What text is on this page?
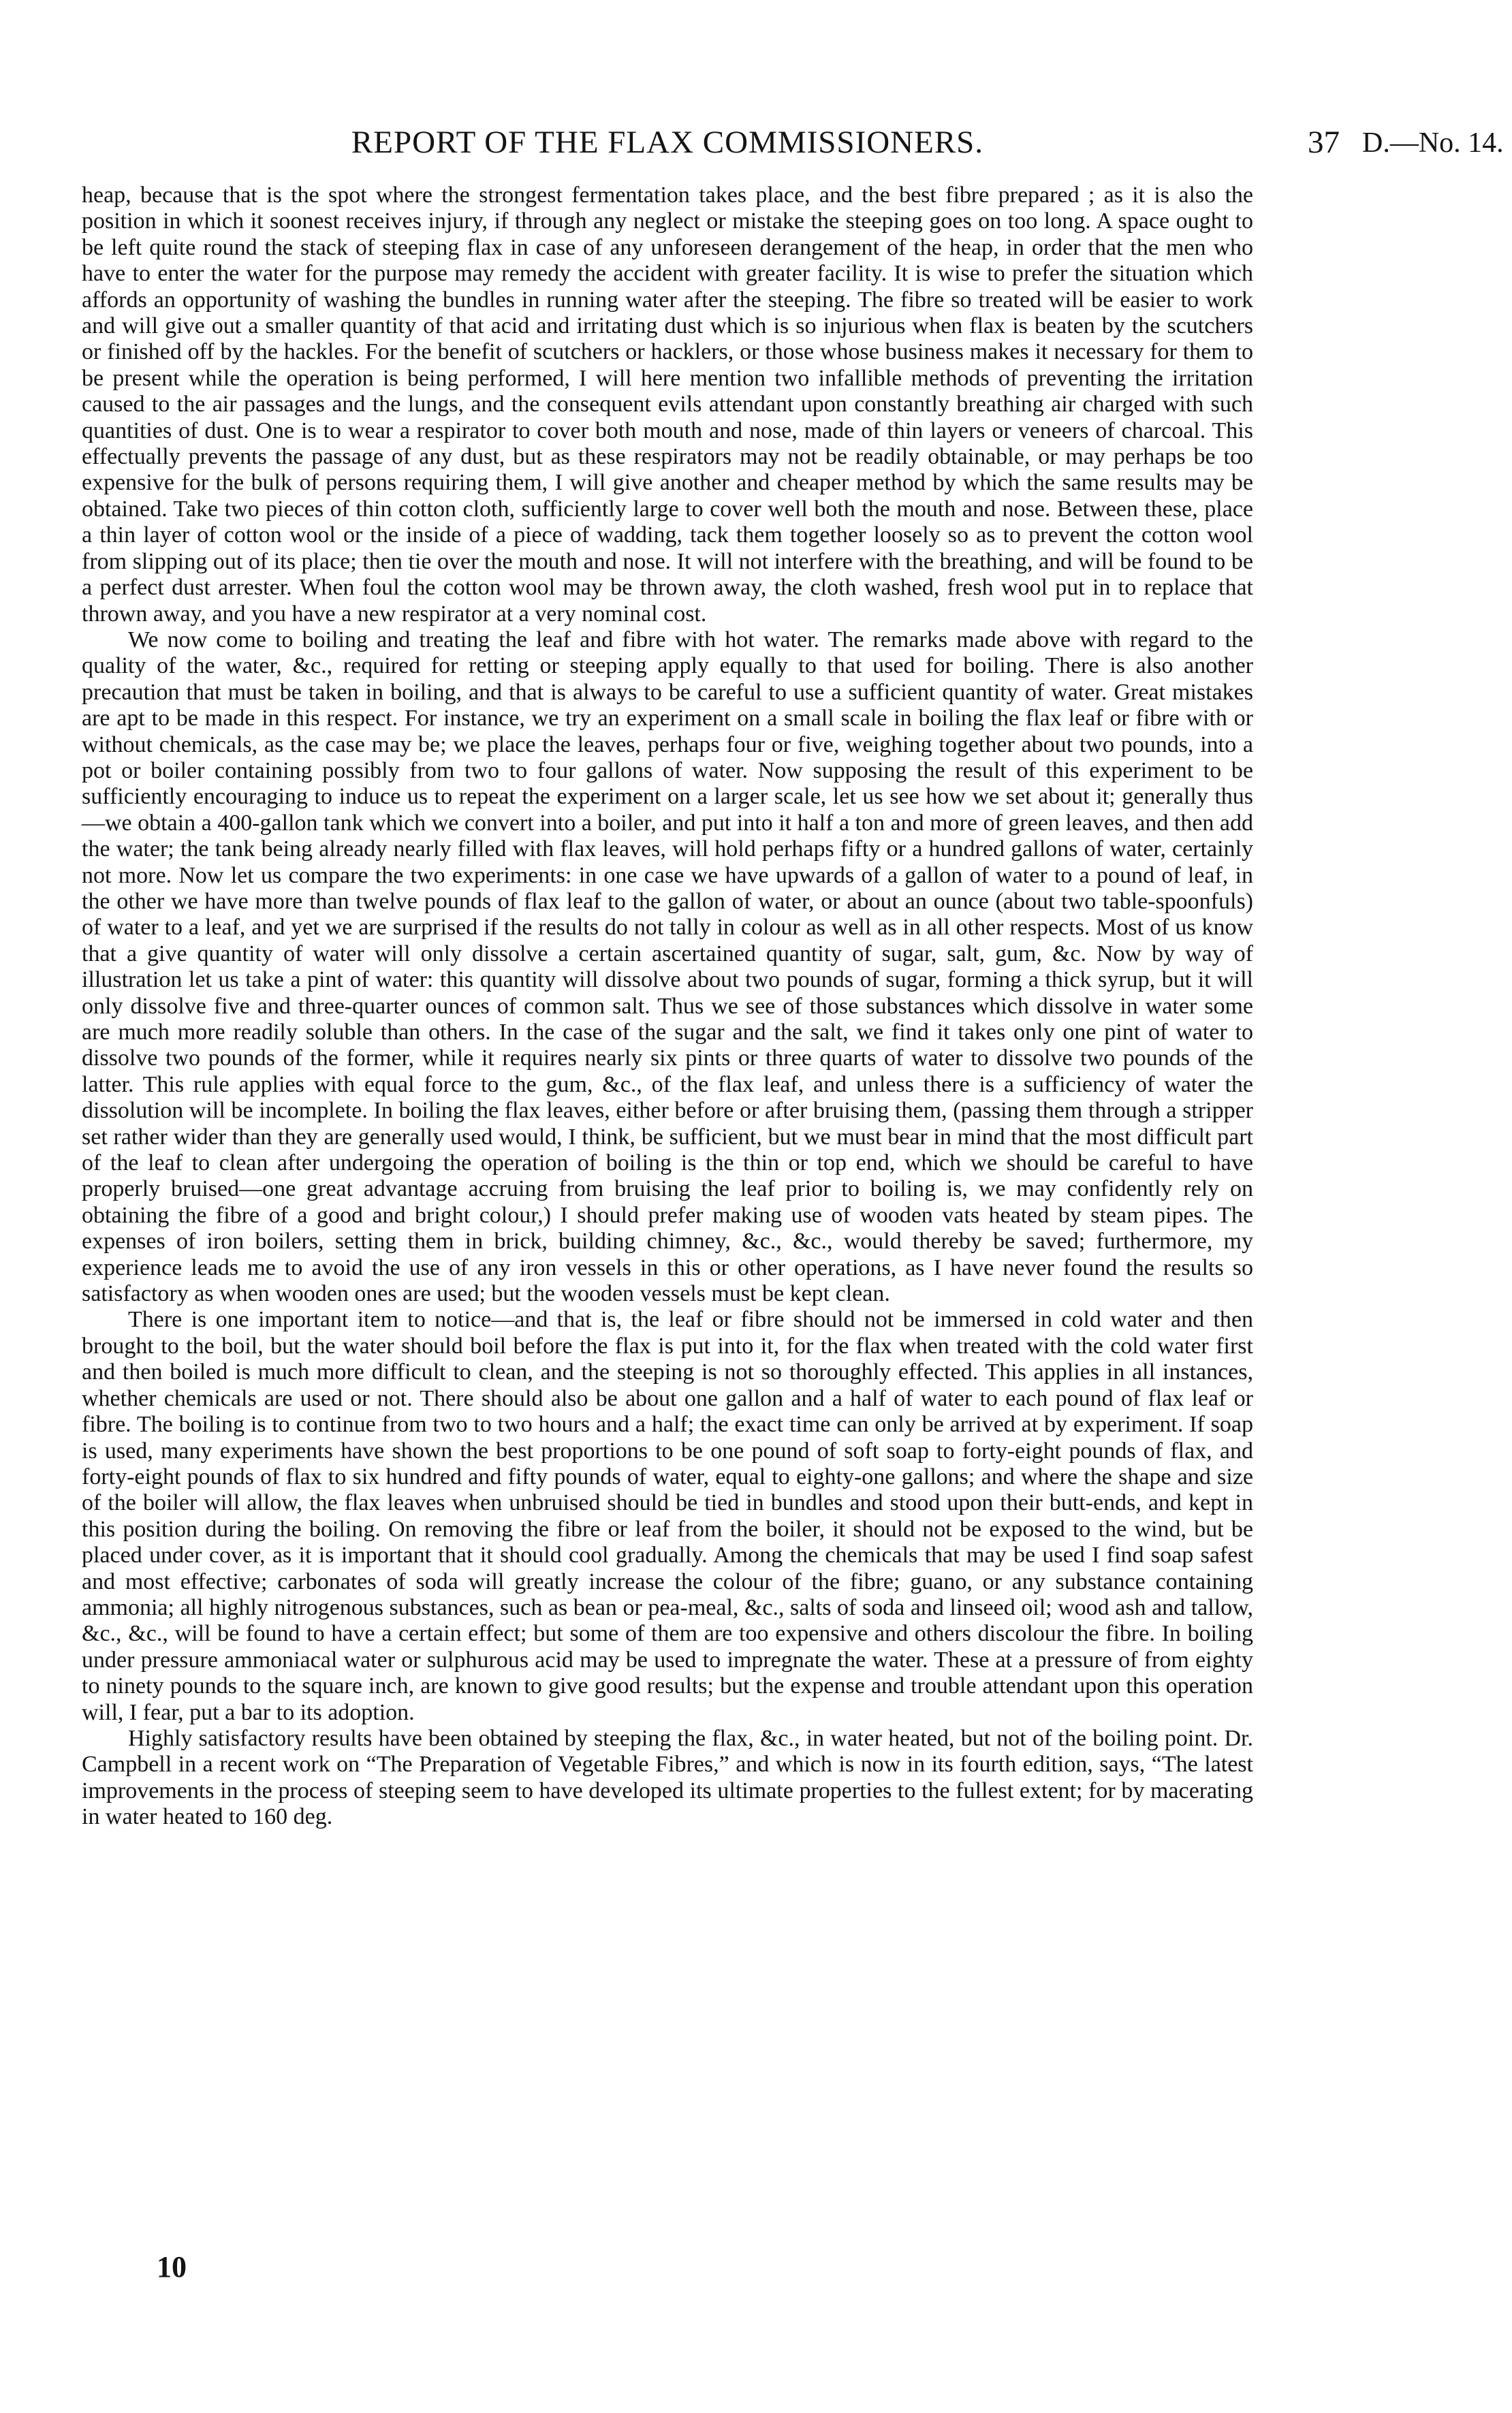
REPORT OF THE FLAX COMMISSIONERS.	37 D.—No. 14.

heap, because that is the spot where the strongest fermentation takes place, and the best fibre prepared ; as it is also the position in which it soonest receives injury, if through any neglect or mistake the steeping goes on too long. A space ought to be left quite round the stack of steeping flax in case of any unforeseen derangement of the heap, in order that the men who have to enter the water for the purpose may remedy the accident with greater facility. It is wise to prefer the situation which affords an opportunity of washing the bundles in running water after the steeping. The fibre so treated will be easier to work and will give out a smaller quantity of that acid and irritating dust which is so injurious when flax is beaten by the scutchers or finished off by the hackles. For the benefit of scutchers or hacklers, or those whose business makes it necessary for them to be present while the operation is being performed, I will here mention two infallible methods of preventing the irritation caused to the air passages and the lungs, and the consequent evils attendant upon constantly breathing air charged with such quantities of dust. One is to wear a respirator to cover both mouth and nose, made of thin layers or veneers of charcoal. This effectually prevents the passage of any dust, but as these respirators may not be readily obtainable, or may perhaps be too expensive for the bulk of persons requiring them, I will give another and cheaper method by which the same results may be obtained. Take two pieces of thin cotton cloth, sufficiently large to cover well both the mouth and nose. Between these, place a thin layer of cotton wool or the inside of a piece of wadding, tack them together loosely so as to prevent the cotton wool from slipping out of its place; then tie over the mouth and nose. It will not interfere with the breathing, and will be found to be a perfect dust arrester. When foul the cotton wool may be thrown away, the cloth washed, fresh wool put in to replace that thrown away, and you have a new respirator at a very nominal cost.

We now come to boiling and treating the leaf and fibre with hot water. The remarks made above with regard to the quality of the water, &c., required for retting or steeping apply equally to that used for boiling. There is also another precaution that must be taken in boiling, and that is always to be careful to use a sufficient quantity of water. Great mistakes are apt to be made in this respect. For instance, we try an experiment on a small scale in boiling the flax leaf or fibre with or without chemicals, as the case may be; we place the leaves, perhaps four or five, weighing together about two pounds, into a pot or boiler containing possibly from two to four gallons of water. Now supposing the result of this experiment to be sufficiently encouraging to induce us to repeat the experiment on a larger scale, let us see how we set about it; generally thus—we obtain a 400-gallon tank which we convert into a boiler, and put into it half a ton and more of green leaves, and then add the water; the tank being already nearly filled with flax leaves, will hold perhaps fifty or a hundred gallons of water, certainly not more. Now let us compare the two experiments: in one case we have upwards of a gallon of water to a pound of leaf, in the other we have more than twelve pounds of flax leaf to the gallon of water, or about an ounce (about two table-spoonfuls) of water to a leaf, and yet we are surprised if the results do not tally in colour as well as in all other respects. Most of us know that a give quantity of water will only dissolve a certain ascertained quantity of sugar, salt, gum, &c. Now by way of illustration let us take a pint of water: this quantity will dissolve about two pounds of sugar, forming a thick syrup, but it will only dissolve five and three-quarter ounces of common salt. Thus we see of those substances which dissolve in water some are much more readily soluble than others. In the case of the sugar and the salt, we find it takes only one pint of water to dissolve two pounds of the former, while it requires nearly six pints or three quarts of water to dissolve two pounds of the latter. This rule applies with equal force to the gum, &c., of the flax leaf, and unless there is a sufficiency of water the dissolution will be incomplete. In boiling the flax leaves, either before or after bruising them, (passing them through a stripper set rather wider than they are generally used would, I think, be sufficient, but we must bear in mind that the most difficult part of the leaf to clean after undergoing the operation of boiling is the thin or top end, which we should be careful to have properly bruised—one great advantage accruing from bruising the leaf prior to boiling is, we may confidently rely on obtaining the fibre of a good and bright colour,) I should prefer making use of wooden vats heated by steam pipes. The expenses of iron boilers, setting them in brick, building chimney, &c., &c., would thereby be saved; furthermore, my experience leads me to avoid the use of any iron vessels in this or other operations, as I have never found the results so satisfactory as when wooden ones are used; but the wooden vessels must be kept clean.

There is one important item to notice—and that is, the leaf or fibre should not be immersed in cold water and then brought to the boil, but the water should boil before the flax is put into it, for the flax when treated with the cold water first and then boiled is much more difficult to clean, and the steeping is not so thoroughly effected. This applies in all instances, whether chemicals are used or not. There should also be about one gallon and a half of water to each pound of flax leaf or fibre. The boiling is to continue from two to two hours and a half; the exact time can only be arrived at by experiment. If soap is used, many experiments have shown the best proportions to be one pound of soft soap to forty-eight pounds of flax, and forty-eight pounds of flax to six hundred and fifty pounds of water, equal to eighty-one gallons; and where the shape and size of the boiler will allow, the flax leaves when unbruised should be tied in bundles and stood upon their butt-ends, and kept in this position during the boiling. On removing the fibre or leaf from the boiler, it should not be exposed to the wind, but be placed under cover, as it is important that it should cool gradually. Among the chemicals that may be used I find soap safest and most effective; carbonates of soda will greatly increase the colour of the fibre; guano, or any substance containing ammonia; all highly nitrogenous substances, such as bean or pea-meal, &c., salts of soda and linseed oil; wood ash and tallow, &c., &c., will be found to have a certain effect; but some of them are too expensive and others discolour the fibre. In boiling under pressure ammoniacal water or sulphurous acid may be used to impregnate the water. These at a pressure of from eighty to ninety pounds to the square inch, are known to give good results; but the expense and trouble attendant upon this operation will, I fear, put a bar to its adoption.

Highly satisfactory results have been obtained by steeping the flax, &c., in water heated, but not of the boiling point. Dr. Campbell in a recent work on “The Preparation of Vegetable Fibres,” and which is now in its fourth edition, says, “The latest improvements in the process of steeping seem to have developed its ultimate properties to the fullest extent; for by macerating in water heated to 160 deg.

10
